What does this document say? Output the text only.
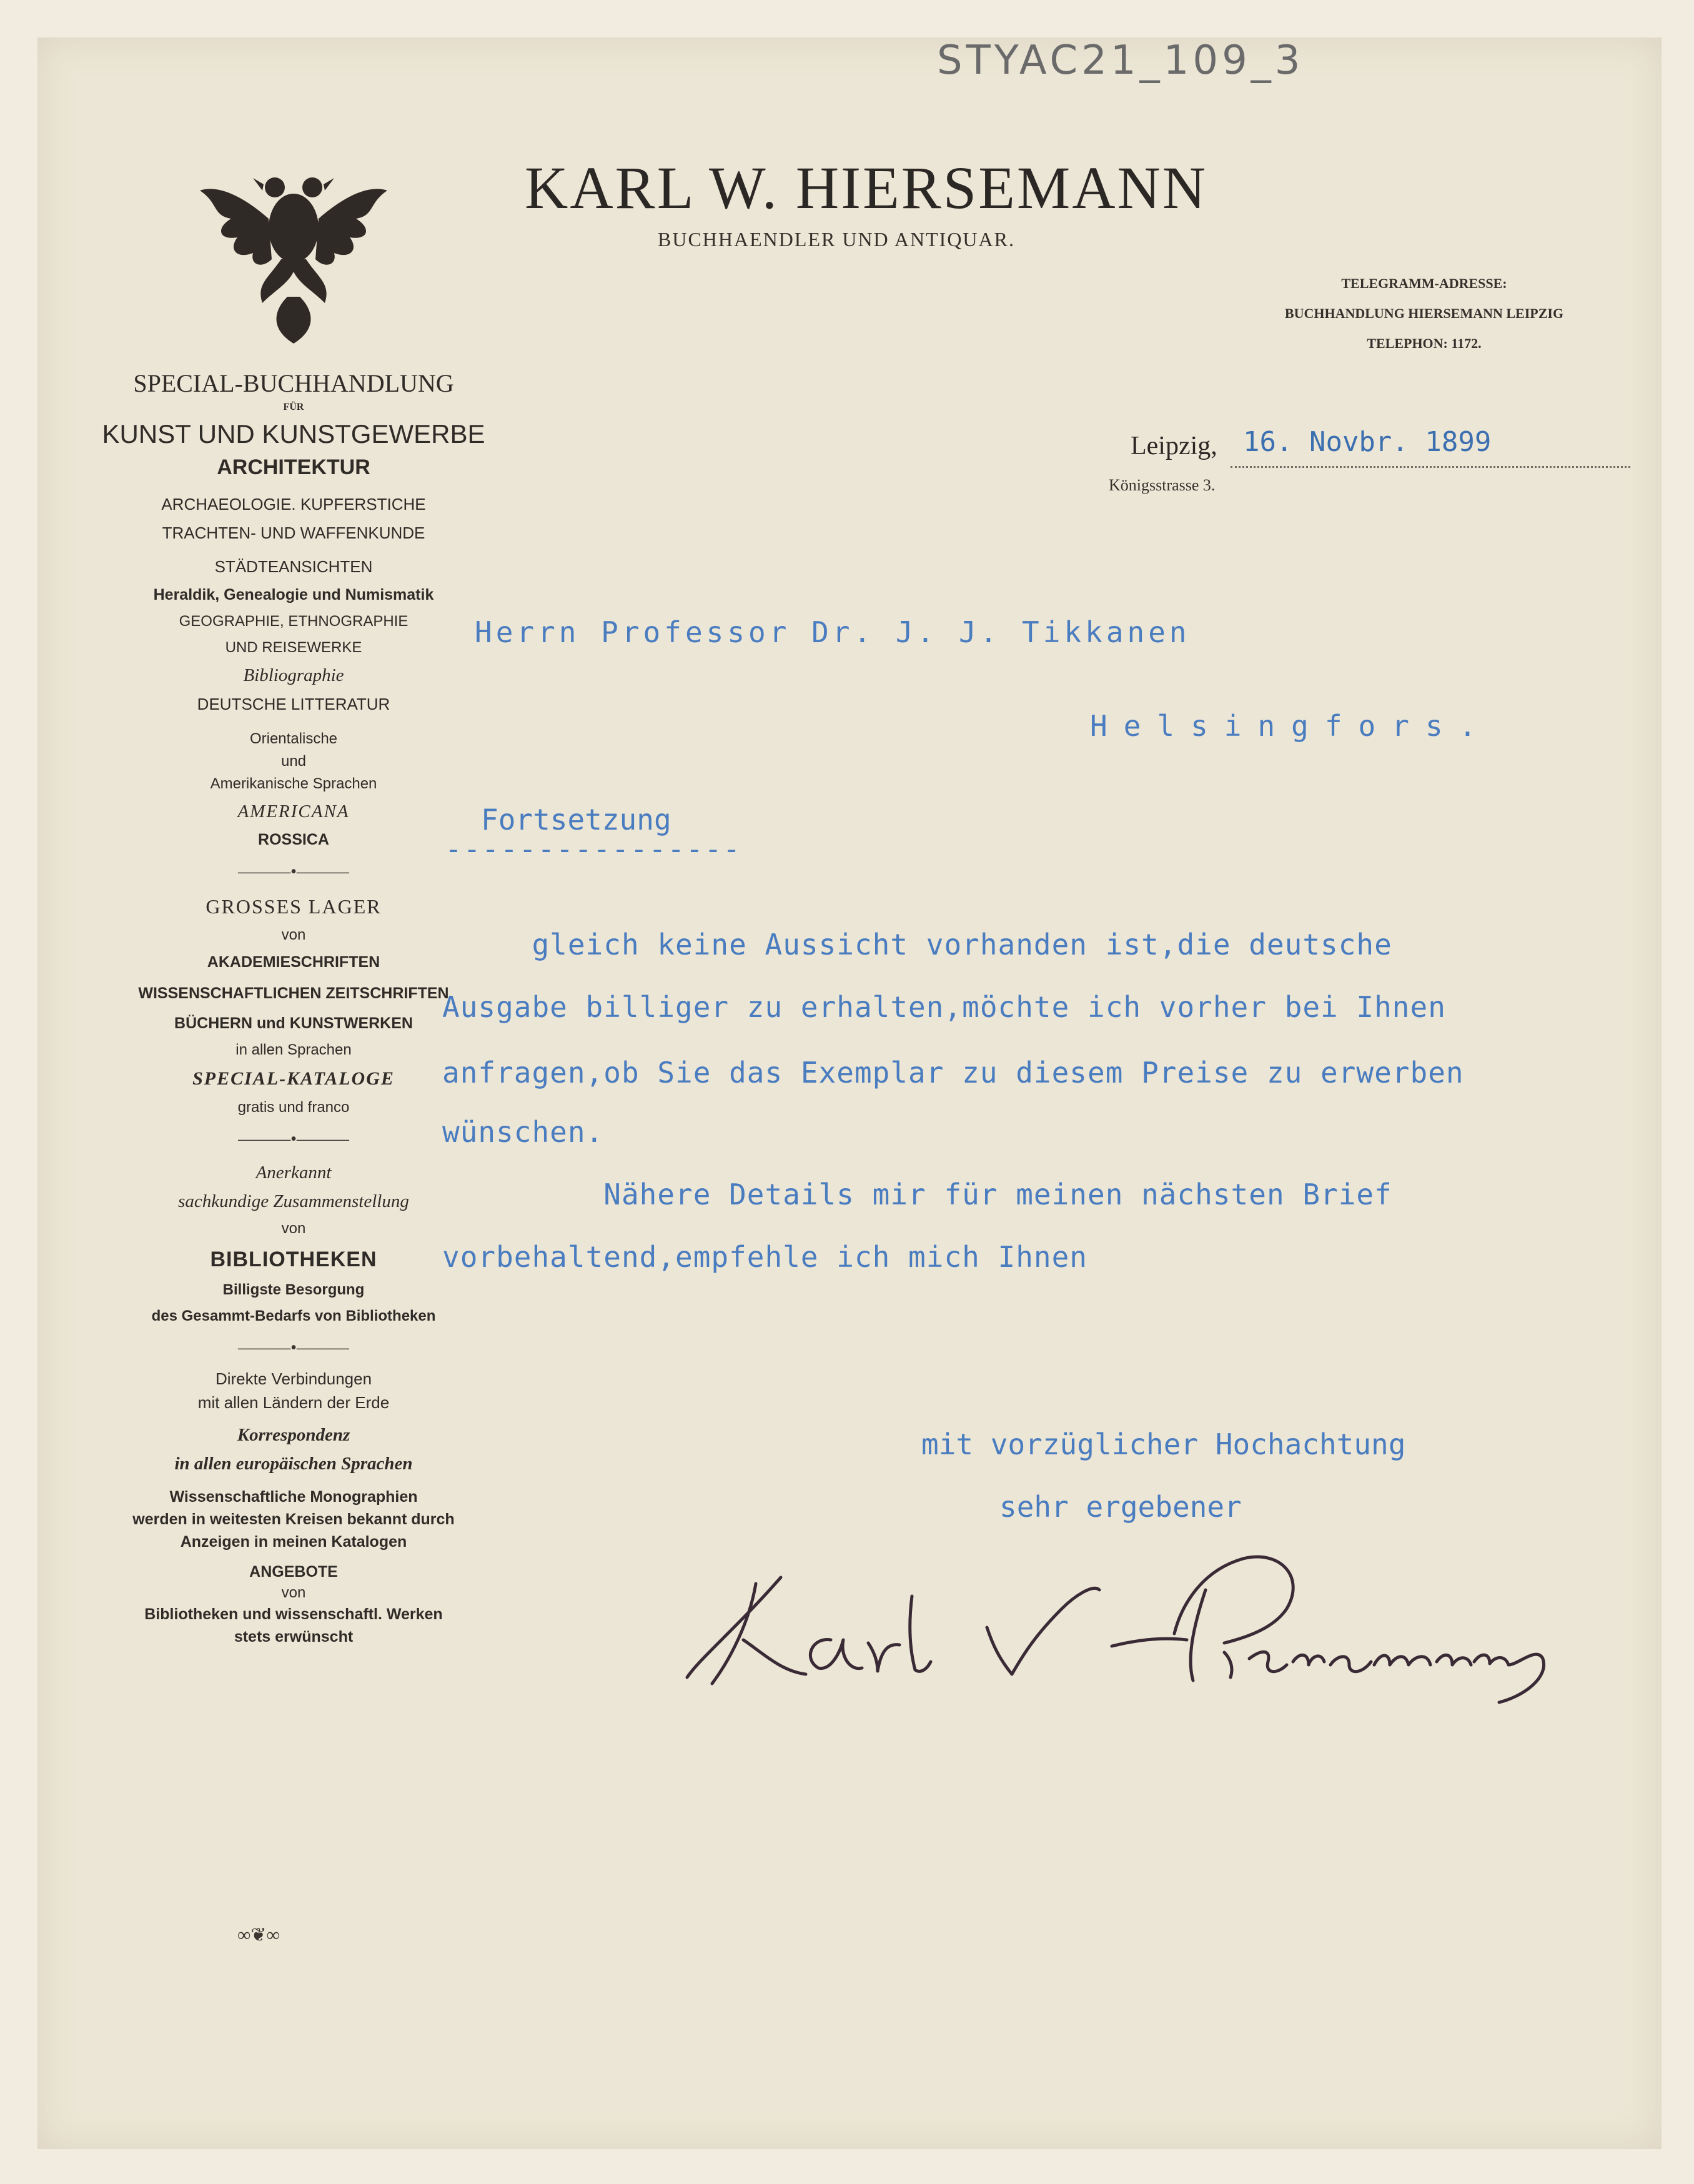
STYAC21_109_3
KARL W. HIERSEMANN
BUCHHAENDLER UND ANTIQUAR.
TELEGRAMM-ADRESSE:
BUCHHANDLUNG HIERSEMANN LEIPZIG
TELEPHON: 1172.
SPECIAL-BUCHHANDLUNG
FÜR
KUNST UND KUNSTGEWERBE
ARCHITEKTUR
ARCHAEOLOGIE. KUPFERSTICHE
TRACHTEN- UND WAFFENKUNDE
STÄDTEANSICHTEN
Heraldik, Genealogie und Numismatik
GEOGRAPHIE, ETHNOGRAPHIE
UND REISEWERKE
Bibliographie
DEUTSCHE LITTERATUR
Orientalische
und
Amerikanische Sprachen
AMERICANA
ROSSICA
———•———
GROSSES LAGER
von
AKADEMIESCHRIFTEN
WISSENSCHAFTLICHEN ZEITSCHRIFTEN
BÜCHERN und KUNSTWERKEN
in allen Sprachen
SPECIAL-KATALOGE
gratis und franco
———•———
Anerkannt
sachkundige Zusammenstellung
von
BIBLIOTHEKEN
Billigste Besorgung
des Gesammt-Bedarfs von Bibliotheken
———•———
Direkte Verbindungen
mit allen Ländern der Erde
Korrespondenz
in allen europäischen Sprachen
Wissenschaftliche Monographien
werden in weitesten Kreisen bekannt durch
Anzeigen in meinen Katalogen
ANGEBOTE
von
Bibliotheken und wissenschaftl. Werken
stets erwünscht
∞❦∞
Leipzig, 16. Novbr. 1899
Königsstrasse 3.
Herrn Professor Dr. J. J. Tikkanen
Helsingfors.
Fortsetzung
----------------
gleich keine Aussicht vorhanden ist,die deutsche
Ausgabe billiger zu erhalten,möchte ich vorher bei Ihnen
anfragen,ob Sie das Exemplar zu diesem Preise zu erwerben
wünschen.
Nähere Details mir für meinen nächsten Brief
vorbehaltend,empfehle ich mich Ihnen
mit vorzüglicher Hochachtung
sehr ergebener
